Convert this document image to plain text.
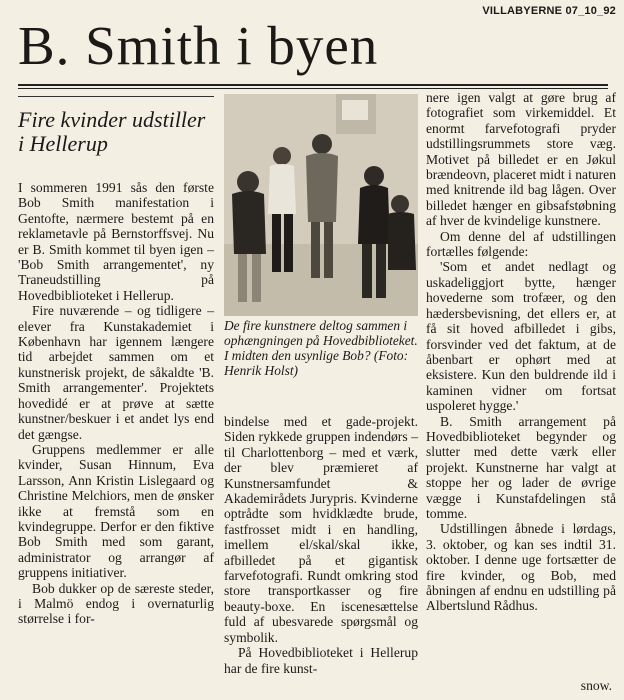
VILLABYERNE 07_10_92
B. Smith i byen
Fire kvinder udstiller i Hellerup

I sommeren 1991 sås den første Bob Smith manifestation i Gentofte, nærmere bestemt på en reklametavle på Bernstorffsvej. Nu er B. Smith kommet til byen igen – 'Bob Smith arrangementet', ny Traneudstilling på Hovedbiblioteket i Hellerup.

Fire nuværende – og tidligere – elever fra Kunstakademiet i København har igennem længere tid arbejdet sammen om et kunstnerisk projekt, de såkaldte 'B. Smith arrangementer'. Projektets hovedidé er at prøve at sætte kunstner/beskuer i et andet lys end det gængse.

Gruppens medlemmer er alle kvinder, Susan Hinnum, Eva Larsson, Ann Kristin Lislegaard og Christine Melchiors, men de ønsker ikke at fremstå som en kvindegruppe. Derfor er den fiktive Bob Smith med som garant, administrator og arrangør af gruppens initiativer.

Bob dukker op de særeste steder, i Malmö endog i overnaturlig størrelse i for-

De fire kunstnere deltog sammen i ophængningen på Hovedbiblioteket. I midten den usynlige Bob? (Foto: Henrik Holst)

bindelse med et gade-projekt. Siden rykkede gruppen indendørs – til Charlottenborg – med et værk, der blev præmieret af Kunstnersamfundet & Akademirådets Jurypris. Kvinderne optrådte som hvidklædte brude, fastfrosset midt i en handling, imellem el/skal/skal ikke, afbilledet på et gigantisk farvefotografi. Rundt omkring stod store transportkasser og fire beauty-boxe. En iscenesættelse fuld af ubesvarede spørgsmål og symbolik.

På Hovedbiblioteket i Hellerup har de fire kunst-

nere igen valgt at gøre brug af fotografiet som virkemiddel. Et enormt farvefotografi pryder udstillingsrummets store væg. Motivet på billedet er en Jøkul brændeovn, placeret midt i naturen med knitrende ild bag lågen. Over billedet hænger en gibsafstøbning af hver de kvindelige kunstnere.

Om denne del af udstillingen fortælles følgende:

'Som et andet nedlagt og uskadeliggjort bytte, hænger hovederne som trofæer, og den hædersbevisning, det ellers er, at få sit hoved afbilledet i gibs, forsvinder ved det faktum, at de åbenbart er ophørt med at eksistere. Kun den buldrende ild i kaminen vidner om fortsat uspoleret hygge.'

B. Smith arrangement på Hovedbiblioteket begynder og slutter med dette værk eller projekt. Kunstnerne har valgt at stoppe her og lader de øvrige vægge i Kunstafdelingen stå tomme.

Udstillingen åbnede i lørdags, 3. oktober, og kan ses indtil 31. oktober. I denne uge fortsætter de fire kvinder, og Bob, med åbningen af endnu en udstilling på Albertslund Rådhus.

snow.
